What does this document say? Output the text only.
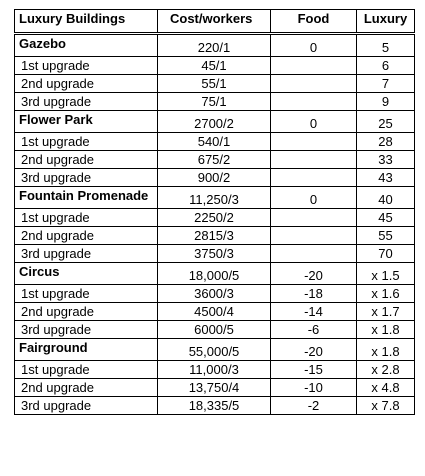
Luxury Buildings	Cost/workers	Food	Luxury
Gazebo	220/1	0	5
1st upgrade	45/1		6
2nd upgrade	55/1		7
3rd upgrade	75/1		9
Flower Park	2700/2	0	25
1st upgrade	540/1		28
2nd upgrade	675/2		33
3rd upgrade	900/2		43
Fountain Promenade	11,250/3	0	40
1st upgrade	2250/2		45
2nd upgrade	2815/3		55
3rd upgrade	3750/3		70
Circus	18,000/5	-20	x 1.5
1st upgrade	3600/3	-18	x 1.6
2nd upgrade	4500/4	-14	x 1.7
3rd upgrade	6000/5	-6	x 1.8
Fairground	55,000/5	-20	x 1.8
1st upgrade	11,000/3	-15	x 2.8
2nd upgrade	13,750/4	-10	x 4.8
3rd upgrade	18,335/5	-2	x 7.8
